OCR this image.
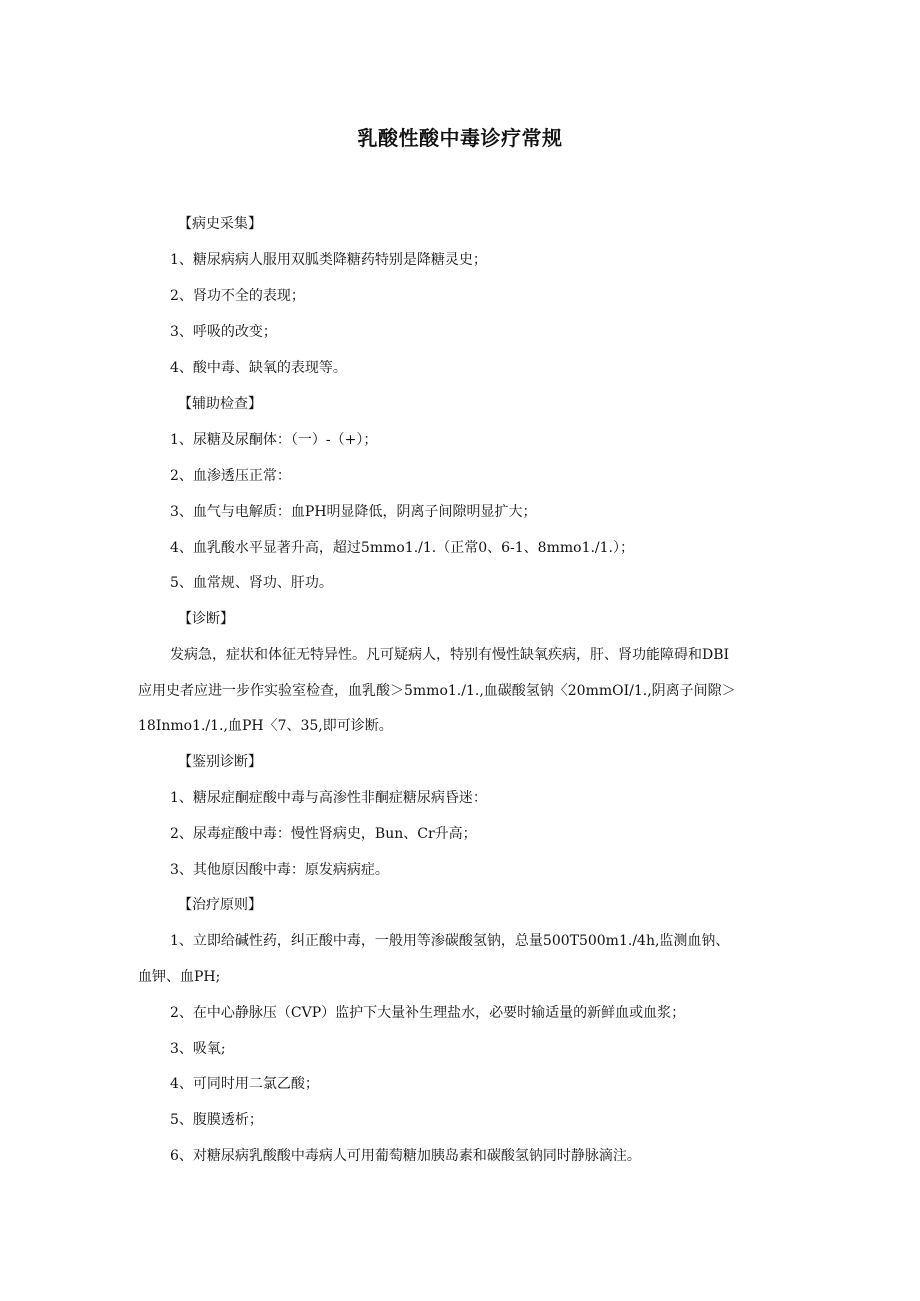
乳酸性酸中毒诊疗常规
【病史采集】
1、糖尿病病人服用双胍类降糖药特别是降糖灵史；
2、肾功不全的表现；
3、呼吸的改变；
4、酸中毒、缺氧的表现等。
【辅助检查】
1、尿糖及尿酮体：（一）-（+）；
2、血渗透压正常：
3、血气与电解质：血PH明显降低，阴离子间隙明显扩大；
4、血乳酸水平显著升高，超过5mmo1./1.（正常0、6-1、8mmo1./1.）；
5、血常规、肾功、肝功。
【诊断】
发病急，症状和体征无特异性。凡可疑病人，特别有慢性缺氧疾病，肝、肾功能障碍和DBI
应用史者应进一步作实验室检查，血乳酸＞5mmo1./1.,血碳酸氢钠〈20mmOI/1.,阴离子间隙＞
18Inmo1./1.,血PH〈7、35,即可诊断。
【鉴别诊断】
1、糖尿症酮症酸中毒与高渗性非酮症糖尿病昏迷：
2、尿毒症酸中毒：慢性肾病史，Bun、Cr升高；
3、其他原因酸中毒：原发病病症。
【治疗原则】
1、立即给碱性药，纠正酸中毒，一般用等渗碳酸氢钠，总量500T500m1./4h,监测血钠、
血钾、血PH;
2、在中心静脉压（CVP）监护下大量补生理盐水，必要时输适量的新鲜血或血浆；
3、吸氧;
4、可同时用二氯乙酸；
5、腹膜透析；
6、对糖尿病乳酸酸中毒病人可用葡萄糖加胰岛素和碳酸氢钠同时静脉滴注。
